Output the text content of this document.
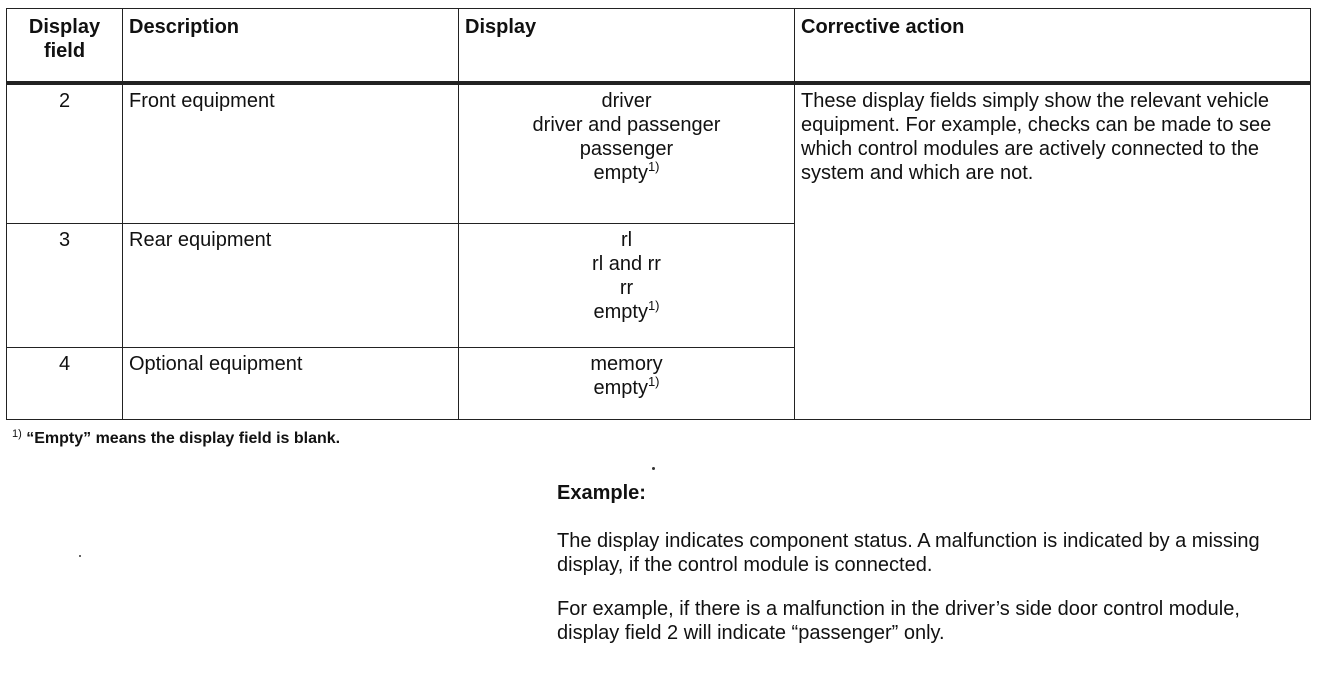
Display field	Description	Display	Corrective action
2	Front equipment	driver
driver and passenger
passenger
empty$^{1)}$	These display fields simply show the relevant vehicle equipment. For example, checks can be made to see which control modules are actively connected to the system and which are not.
3	Rear equipment	rl
rl and rr
rr
empty$^{1)}$

4	Optional equipment	memory
empty$^{1)}$
$^{1)}$ “Empty” means the display field is blank.
Example:

The display indicates component status. A malfunction is indicated by a missing display, if the control module is connected.

For example, if there is a malfunction in the driver’s side door control module, display field 2 will indicate “passenger” only.
